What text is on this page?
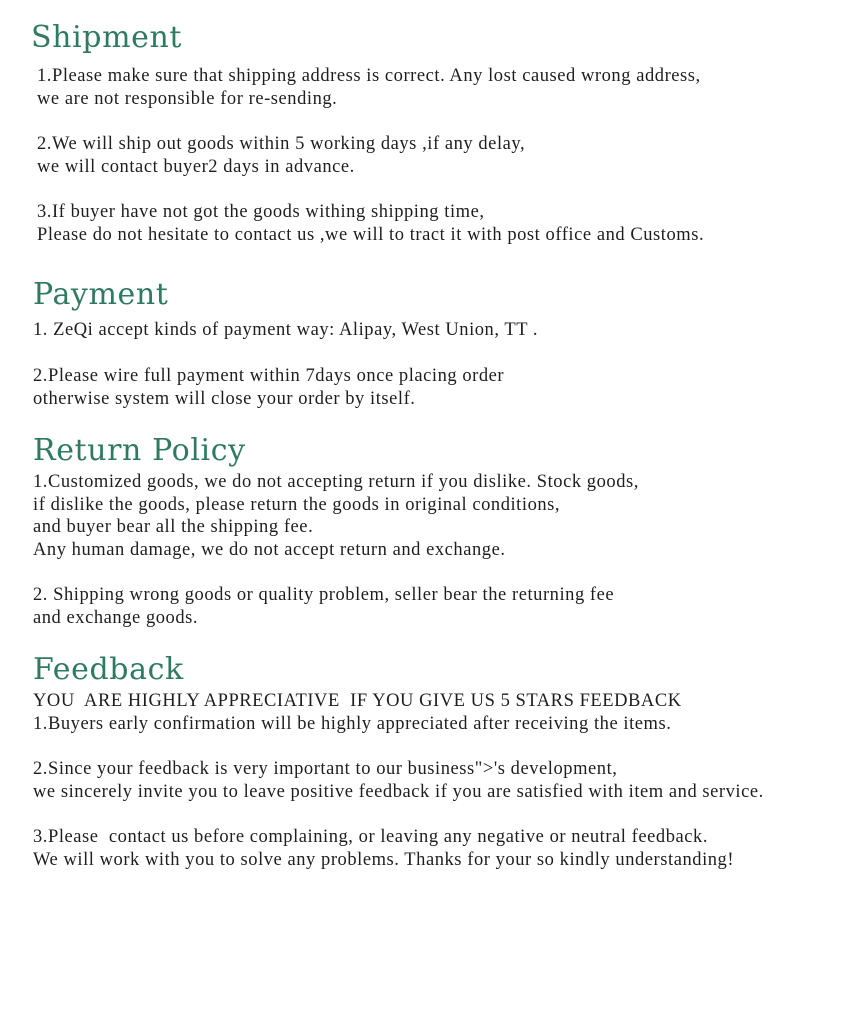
Shipment

1.Please make sure that shipping address is correct. Any lost caused wrong address,

we are not responsible for re-sending.

2.We will ship out goods within 5 working days ,if any delay,

we will contact buyer2 days in advance.

3.If buyer have not got the goods withing shipping time,

Please do not hesitate to contact us ,we will to tract it with post office and Customs.

Payment

1. ZeQi accept kinds of payment way: Alipay, West Union, TT .

2.Please wire full payment within 7days once placing order

otherwise system will close your order by itself.

Return Policy

1.Customized goods, we do not accepting return if you dislike. Stock goods,

if dislike the goods, please return the goods in original conditions,

and buyer bear all the shipping fee.

Any human damage, we do not accept return and exchange.

2. Shipping wrong goods or quality problem, seller bear the returning fee

and exchange goods.

Feedback

YOU  ARE HIGHLY APPRECIATIVE  IF YOU GIVE US 5 STARS FEEDBACK

1.Buyers early confirmation will be highly appreciated after receiving the items.

2.Since your feedback is very important to our business">'s development,

we sincerely invite you to leave positive feedback if you are satisfied with item and service.

3.Please  contact us before complaining, or leaving any negative or neutral feedback.

We will work with you to solve any problems. Thanks for your so kindly understanding!
